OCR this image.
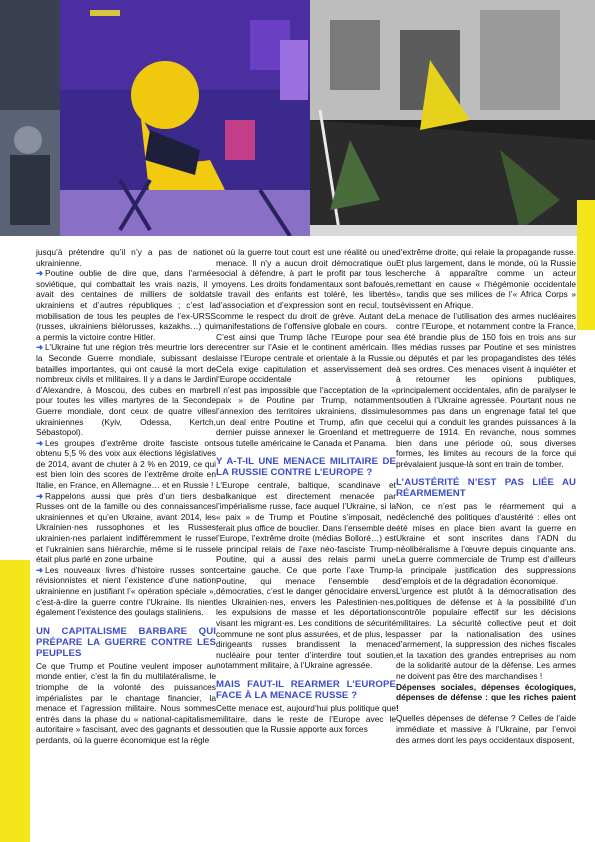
jusqu’à prétendre qu’il n’y a pas de nation ukrainienne.
➜ Poutine oublie de dire que, dans l’armée soviétique, qui combattait les vrais nazis, il y avait des centaines de milliers de soldats ukrainiens et d’autres républiques ; c’est la mobilisation de tous les peuples de l’ex-URSS (russes, ukrainiens biélorusses, kazakhs…) qui a permis la victoire contre Hitler.
➜ L’Ukraine fut une région très meurtrie lors de la Seconde Guerre mondiale, subissant des batailles importantes, qui ont causé la mort de nombreux civils et militaires. Il y a dans le Jardin d’Alexandre, à Moscou, des cubes en marbre pour toutes les villes martyres de la Seconde Guerre mondiale, dont ceux de quatre villes ukrainiennes (Kyiv, Odessa, Kertch, Sébastopol).
➜ Les groupes d’extrême droite fasciste ont obtenu 5,5 % des voix aux élections législatives de 2014, avant de chuter à 2 % en 2019, ce qui est bien loin des scores de l’extrême droite en Italie, en France, en Allemagne… et en Russie !
➜ Rappelons aussi que près d’un tiers des Russes ont de la famille ou des connaissances ukrainiennes et qu’en Ukraine, avant 2014, les Ukrainien·nes russophones et les Russes ukrainien·nes parlaient indifféremment le russe et l’ukrainien sans hiérarchie, même si le russe était plus parlé en zone urbaine
➜ Les nouveaux livres d’histoire russes sont révisionnistes et nient l’existence d’une nation ukrainienne en justifiant l’« opération spéciale », c’est-à-dire la guerre contre l’Ukraine. Ils nient également l’existence des goulags staliniens.
UN CAPITALISME BARBARE QUI PRÉPARE LA GUERRE CONTRE LES PEUPLES
Ce que Trump et Poutine veulent imposer au monde entier, c’est la fin du multilatéralisme, le triomphe de la volonté des puissances impérialistes par le chantage financier, la menace et l’agression militaire. Nous sommes entrés dans la phase du « national-capitalisme autoritaire » fascisant, avec des gagnants et des perdants, où la guerre économique est la règle
et où la guerre tout court est une réalité ou une menace. Il n’y a aucun droit démocratique ou social à défendre, à part le profit par tous les moyens. Les droits fondamentaux sont bafoués, le travail des enfants est toléré, les libertés d’association et d’expression sont en recul, tout comme le respect du droit de grève. Autant de manifestations de l’offensive globale en cours.
C’est ainsi que Trump lâche l’Europe pour se recentrer sur l’Asie et le continent américain. Il laisse l’Europe centrale et orientale à la Russie. Cela exige capitulation et asservissement de l’Europe occidentale
Il n’est pas impossible que l’acceptation de la « paix » de Poutine par Trump, notamment l’annexion des territoires ukrainiens, dissimule un deal entre Poutine et Trump, afin que ce dernier puisse annexer le Groenland et mettre sous tutelle américaine le Canada et Panama.
Y A-T-IL UNE MENACE MILITAIRE DE LA RUSSIE CONTRE L’EUROPE ?
L’Europe centrale, baltique, scandinave et balkanique est directement menacée par l’impérialisme russe, face auquel l’Ukraine, si la « paix » de Trump et Poutine s’imposait, ne ferait plus office de bouclier. Dans l’ensemble de l’Europe, l’extrême droite (médias Bolloré…) est le principal relais de l’axe néo-fasciste Trump-Poutine, qui a aussi des relais parmi une certaine gauche. Ce que porte l’axe Trump-Poutine, qui menace l’ensemble des démocraties, c’est le danger génocidaire envers les Ukrainien·nes, envers les Palestinien·nes, les expulsions de masse et les déportations visant les migrant·es. Les conditions de sécurité commune ne sont plus assurées, et de plus, les dirigeants russes brandissent la menace nucléaire pour tenter d’interdire tout soutien, notamment militaire, à l’Ukraine agressée.
MAIS FAUT-IL REARMER L’EUROPE FACE À LA MENACE RUSSE ?
Cette menace est, aujourd’hui plus politique que militaire, dans le reste de l’Europe avec le soutien que la Russie apporte aux forces
d’extrême droite, qui relaie la propagande russe. Et plus largement, dans le monde, où la Russie cherche à apparaître comme un acteur remettant en cause « l’hégémonie occidentale », tandis que ses milices de l’« Africa Corps » sévissent en Afrique.
La menace de l’utilisation des armes nucléaires contre l’Europe, et notamment contre la France, a été brandie plus de 150 fois en trois ans sur les médias russes par Poutine et ses ministres ou députés et par les propagandistes des télés à ses ordres. Ces menaces visent à inquiéter et à retourner les opinions publiques, principalement occidentales, afin de paralyser le soutien à l’Ukraine agressée. Pourtant nous ne sommes pas dans un engrenage fatal tel que celui qui a conduit les grandes puissances à la guerre de 1914. En revanche, nous sommes bien dans une période où, sous diverses formes, les limites au recours de la force qui prévalaient jusque-là sont en train de tomber.
L’AUSTÉRITÉ N’EST PAS LIÉE AU RÉARMEMENT
Non, ce n’est pas le réarmement qui a déclenché des politiques d’austérité : elles ont été mises en place bien avant la guerre en Ukraine et sont inscrites dans l’ADN du néolibéralisme à l’œuvre depuis cinquante ans. La guerre commerciale de Trump est d’ailleurs la principale justification des suppressions d’emplois et de la dégradation économique.
L’urgence est plutôt à la démocratisation des politiques de défense et à la possibilité d’un contrôle populaire effectif sur les décisions militaires. La sécurité collective peut et doit passer par la nationalisation des usines d’armement, la suppression des niches fiscales et la taxation des grandes entreprises au nom de la solidarité autour de la défense. Les armes ne doivent pas être des marchandises !
Dépenses sociales, dépenses écologiques, dépenses de défense : que les riches paient !
Quelles dépenses de défense ? Celles de l’aide immédiate et massive à l’Ukraine, par l’envoi des armes dont les pays occidentaux disposent,
